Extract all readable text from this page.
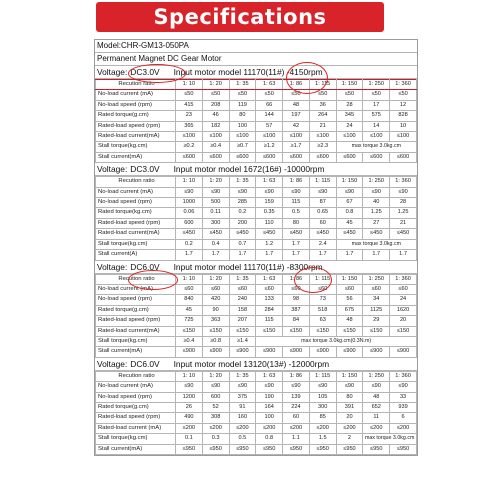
Specifications
Model:CHR-GM13-050PA
Permanent Magnet DC Gear Motor
Voltage: DC3.0V Input motor model 11170(11#) -4150rpm
Recution ratio	1: 10	1: 20	1: 35	1: 63	1: 86	1: 115	1: 150	1: 250	1: 360
No-load current (mA)	≤50	≤50	≤50	≤50	≤50	≤50	≤50	≤50	≤50
No-load speed (rpm)	415	208	119	66	48	36	28	17	12
Rated torque(g.cm)	23	46	80	144	197	264	345	575	828
Rated-load speed (rpm)	365	182	100	57	42	21	24	14	10
Rated-load current(mA)	≤100	≤100	≤100	≤100	≤100	≤100	≤100	≤100	≤100
Stall torque(kg.cm)	≥0.2	≥0.4	≥0.7	≥1.2	≥1.7	≥2.3	max torque 3.0kg.cm		
Stall current(mA)	≤600	≤600	≤600	≤600	≤600	≤600	≤600	≤600	≤600
Voltage: DC3.0V Input motor model 1672(16#) -10000rpm
Recution ratio	1: 10	1: 20	1: 35	1: 63	1: 86	1: 115	1: 150	1: 250	1: 360
No-load current (mA)	≤90	≤90	≤90	≤90	≤90	≤90	≤90	≤90	≤90
No-load speed (rpm)	1000	500	285	159	115	87	67	40	28
Rated torque(kg.cm)	0.06	0.11	0.2	0.35	0.5	0.65	0.8	1.25	1.25
Rated-load speed (rpm)	600	300	200	110	80	60	45	27	21
Rated-load current(mA)	≤450	≤450	≤450	≤450	≤450	≤450	≤450	≤450	≤450
Stall torque(kg.cm)	0.2	0.4	0.7	1.2	1.7	2.4	max torque 3.0kg.cm		
Stall current(A)	1.7	1.7	1.7	1.7	1.7	1.7	1.7	1.7	1.7
Voltage: DC6.0V Input motor model 11170(11#) -8300rpm
Recution ratio	1: 10	1: 20	1: 35	1: 63	1: 86	1: 115	1: 150	1: 250	1: 360
No-load current (mA)	≤60	≤60	≤60	≤60	≤60	≤60	≤60	≤60	≤60
No-load speed (rpm)	840	420	240	133	98	73	56	34	24
Rated torque(g.cm)	45	90	158	284	387	518	675	1125	1620
Rated-load speed (rpm)	725	363	207	115	84	63	48	29	20
Rated-load current(mA)	≤150	≤150	≤150	≤150	≤150	≤150	≤150	≤150	≤150
Stall torque(kg.cm)	≥0.4	≥0.8	≥1.4	max torque 3.0kg.cm(0.3N.m)					
Stall current(mA)	≤900	≤900	≤900	≤900	≤900	≤900	≤900	≤900	≤900
Voltage: DC6.0V Input motor model 13120(13#) -12000rpm
Recution ratio	1: 10	1: 20	1: 35	1: 63	1: 86	1: 115	1: 150	1: 250	1: 360
No-load current (mA)	≤90	≤90	≤90	≤90	≤90	≤90	≤90	≤90	≤90
No-load speed (rpm)	1200	600	375	190	139	105	80	48	33
Rated torque(g.cm)	26	52	91	164	224	300	391	652	939
Rated-load speed (rpm)	490	308	160	100	60	85	20	11	6
Rated-load current (mA)	≤200	≤200	≤200	≤200	≤200	≤200	≤200	≤200	≤200
Stall torque(kg.cm)	0.1	0.3	0.5	0.8	1.1	1.5	2	max torque 3.0kg.cm	
Stall current(mA)	≤950	≤950	≤950	≤950	≤950	≤950	≤950	≤950	≤950
